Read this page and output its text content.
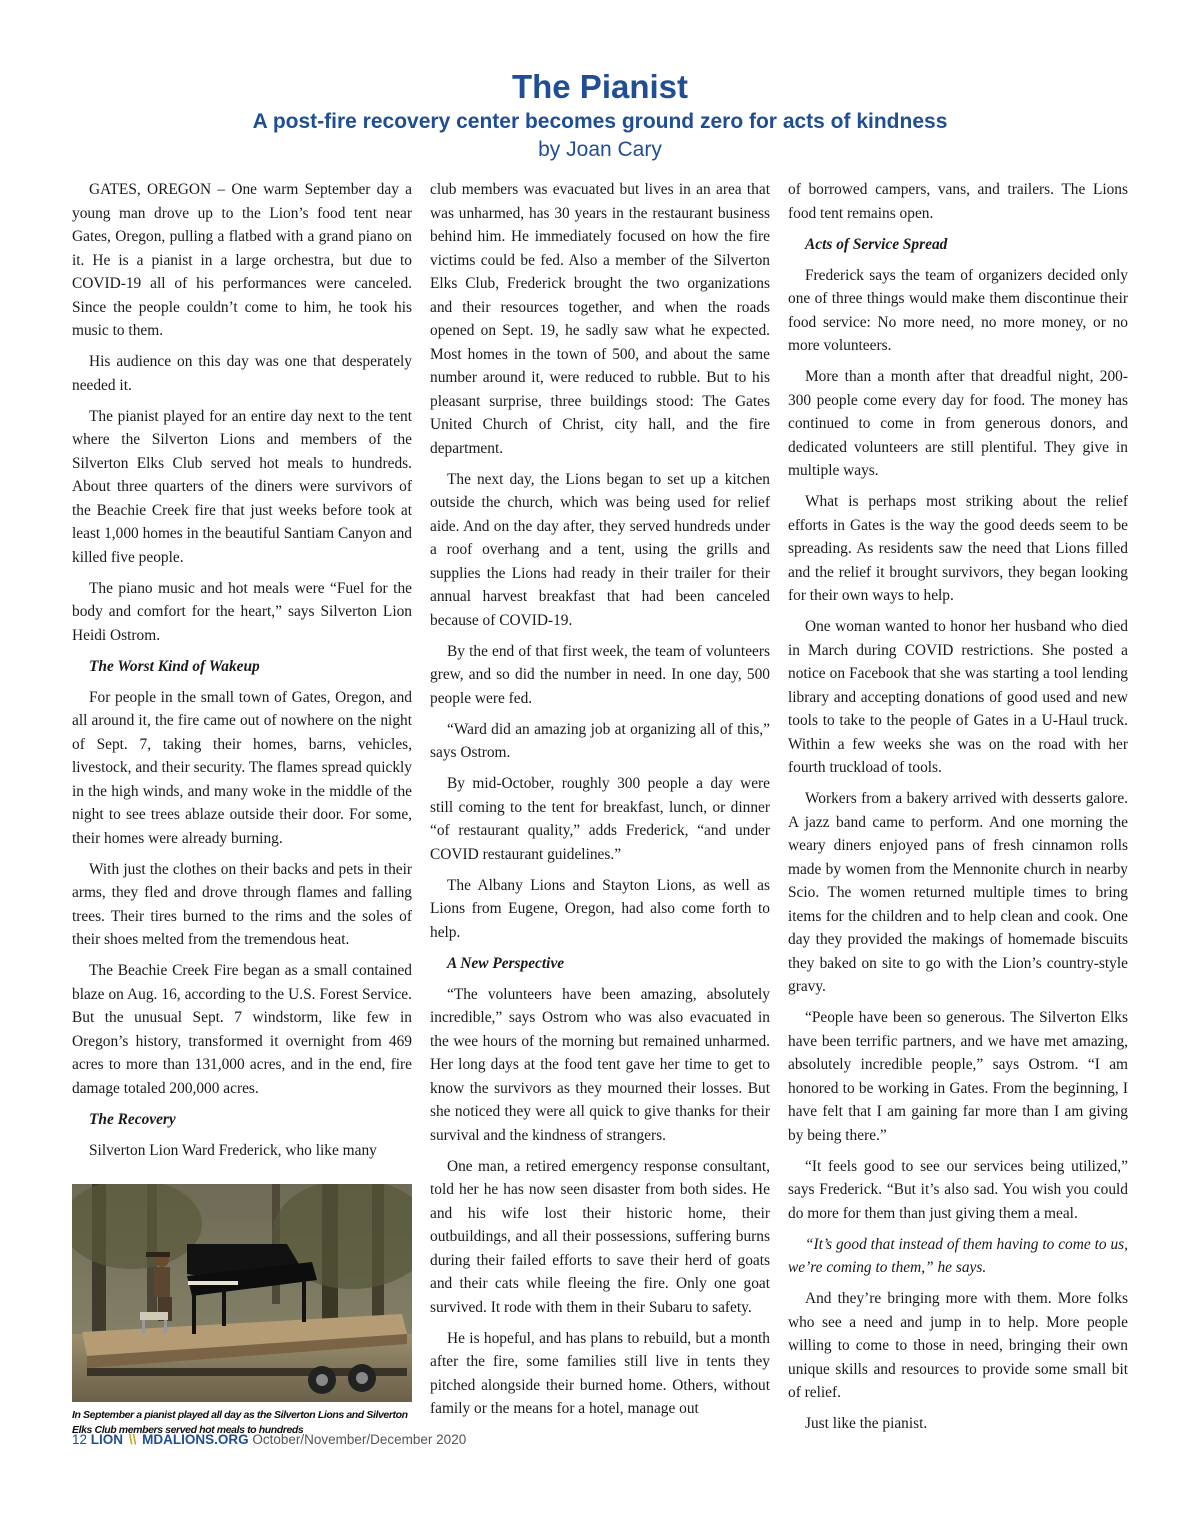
The Pianist
A post-fire recovery center becomes ground zero for acts of kindness
by Joan Cary

GATES, OREGON – One warm September day a young man drove up to the Lion’s food tent near Gates, Oregon, pulling a flatbed with a grand piano on it. He is a pianist in a large orchestra, but due to COVID-19 all of his performances were canceled. Since the people couldn’t come to him, he took his music to them.

His audience on this day was one that desperately needed it.

The pianist played for an entire day next to the tent where the Silverton Lions and members of the Silverton Elks Club served hot meals to hundreds. About three quarters of the diners were survivors of the Beachie Creek fire that just weeks before took at least 1,000 homes in the beautiful Santiam Canyon and killed five people.

The piano music and hot meals were “Fuel for the body and comfort for the heart,” says Silverton Lion Heidi Ostrom.

The Worst Kind of Wakeup

For people in the small town of Gates, Oregon, and all around it, the fire came out of nowhere on the night of Sept. 7, taking their homes, barns, vehicles, livestock, and their security. The flames spread quickly in the high winds, and many woke in the middle of the night to see trees ablaze outside their door. For some, their homes were already burning.

With just the clothes on their backs and pets in their arms, they fled and drove through flames and falling trees. Their tires burned to the rims and the soles of their shoes melted from the tremendous heat.

The Beachie Creek Fire began as a small contained blaze on Aug. 16, according to the U.S. Forest Service. But the unusual Sept. 7 windstorm, like few in Oregon’s history, transformed it overnight from 469 acres to more than 131,000 acres, and in the end, fire damage totaled 200,000 acres.

The Recovery

Silverton Lion Ward Frederick, who like many

In September a pianist played all day as the Silverton Lions and Silverton Elks Club members served hot meals to hundreds

club members was evacuated but lives in an area that was unharmed, has 30 years in the restaurant business behind him. He immediately focused on how the fire victims could be fed. Also a member of the Silverton Elks Club, Frederick brought the two organizations and their resources together, and when the roads opened on Sept. 19, he sadly saw what he expected. Most homes in the town of 500, and about the same number around it, were reduced to rubble. But to his pleasant surprise, three buildings stood: The Gates United Church of Christ, city hall, and the fire department.

The next day, the Lions began to set up a kitchen outside the church, which was being used for relief aide. And on the day after, they served hundreds under a roof overhang and a tent, using the grills and supplies the Lions had ready in their trailer for their annual harvest breakfast that had been canceled because of COVID-19.

By the end of that first week, the team of volunteers grew, and so did the number in need. In one day, 500 people were fed.

“Ward did an amazing job at organizing all of this,” says Ostrom.

By mid-October, roughly 300 people a day were still coming to the tent for breakfast, lunch, or dinner “of restaurant quality,” adds Frederick, “and under COVID restaurant guidelines.”

The Albany Lions and Stayton Lions, as well as Lions from Eugene, Oregon, had also come forth to help.

A New Perspective

“The volunteers have been amazing, absolutely incredible,” says Ostrom who was also evacuated in the wee hours of the morning but remained unharmed. Her long days at the food tent gave her time to get to know the survivors as they mourned their losses. But she noticed they were all quick to give thanks for their survival and the kindness of strangers.

One man, a retired emergency response consultant, told her he has now seen disaster from both sides. He and his wife lost their historic home, their outbuildings, and all their possessions, suffering burns during their failed efforts to save their herd of goats and their cats while fleeing the fire. Only one goat survived. It rode with them in their Subaru to safety.

He is hopeful, and has plans to rebuild, but a month after the fire, some families still live in tents they pitched alongside their burned home. Others, without family or the means for a hotel, manage out

of borrowed campers, vans, and trailers. The Lions food tent remains open.

Acts of Service Spread

Frederick says the team of organizers decided only one of three things would make them discontinue their food service: No more need, no more money, or no more volunteers.

More than a month after that dreadful night, 200-300 people come every day for food. The money has continued to come in from generous donors, and dedicated volunteers are still plentiful. They give in multiple ways.

What is perhaps most striking about the relief efforts in Gates is the way the good deeds seem to be spreading. As residents saw the need that Lions filled and the relief it brought survivors, they began looking for their own ways to help.

One woman wanted to honor her husband who died in March during COVID restrictions. She posted a notice on Facebook that she was starting a tool lending library and accepting donations of good used and new tools to take to the people of Gates in a U-Haul truck. Within a few weeks she was on the road with her fourth truckload of tools.

Workers from a bakery arrived with desserts galore. A jazz band came to perform. And one morning the weary diners enjoyed pans of fresh cinnamon rolls made by women from the Mennonite church in nearby Scio. The women returned multiple times to bring items for the children and to help clean and cook. One day they provided the makings of homemade biscuits they baked on site to go with the Lion’s country-style gravy.

“People have been so generous. The Silverton Elks have been terrific partners, and we have met amazing, absolutely incredible people,” says Ostrom. “I am honored to be working in Gates. From the beginning, I have felt that I am gaining far more than I am giving by being there.”

“It feels good to see our services being utilized,” says Frederick. “But it’s also sad. You wish you could do more for them than just giving them a meal.

“It’s good that instead of them having to come to us, we’re coming to them,” he says.

And they’re bringing more with them. More folks who see a need and jump in to help. More people willing to come to those in need, bringing their own unique skills and resources to provide some small bit of relief.

Just like the pianist.

12 LION \\ MDALIONS.ORG October/November/December 2020
